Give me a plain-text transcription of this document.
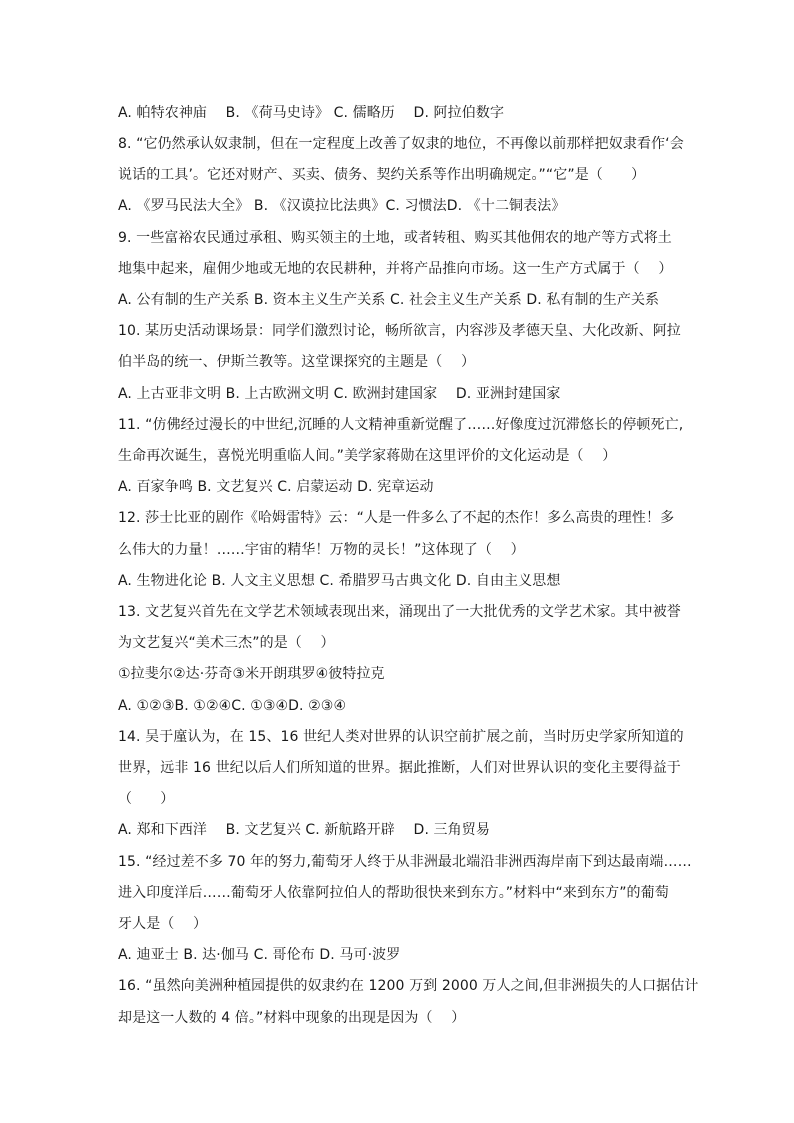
A. 帕特农神庙　 B. 《荷马史诗》 C. 儒略历　 D. 阿拉伯数字
8. “它仍然承认奴隶制，但在一定程度上改善了奴隶的地位，不再像以前那样把奴隶看作‘会
说话的工具’。它还对财产、买卖、债务、契约关系等作出明确规定。”“它”是（　　）
A. 《罗马民法大全》 B. 《汉谟拉比法典》C. 习惯法D. 《十二铜表法》
9. 一些富裕农民通过承租、购买领主的土地，或者转租、购买其他佣农的地产等方式将土
地集中起来，雇佣少地或无地的农民耕种，并将产品推向市场。这一生产方式属于（　 ）
A. 公有制的生产关系 B. 资本主义生产关系 C. 社会主义生产关系 D. 私有制的生产关系
10. 某历史活动课场景：同学们激烈讨论，畅所欲言，内容涉及孝德天皇、大化改新、阿拉
伯半岛的统一、伊斯兰教等。这堂课探究的主题是（　 ）
A. 上古亚非文明 B. 上古欧洲文明 C. 欧洲封建国家　 D. 亚洲封建国家
11. “仿佛经过漫长的中世纪,沉睡的人文精神重新觉醒了……好像度过沉滞悠长的停顿死亡,
生命再次诞生，喜悦光明重临人间。”美学家蒋勋在这里评价的文化运动是（　 ）
A. 百家争鸣 B. 文艺复兴 C. 启蒙运动 D. 宪章运动
12. 莎士比亚的剧作《哈姆雷特》云：“人是一件多么了不起的杰作！多么高贵的理性！多
么伟大的力量！……宇宙的精华！万物的灵长！”这体现了（　 ）
A. 生物进化论 B. 人文主义思想 C. 希腊罗马古典文化 D. 自由主义思想
13. 文艺复兴首先在文学艺术领域表现出来，涌现出了一大批优秀的文学艺术家。其中被誉
为文艺复兴“美术三杰”的是（　 ）
①拉斐尔②达·芬奇③米开朗琪罗④彼特拉克
A. ①②③B. ①②④C. ①③④D. ②③④
14. 吴于廑认为，在 15、16 世纪人类对世界的认识空前扩展之前，当时历史学家所知道的
世界，远非 16 世纪以后人们所知道的世界。据此推断，人们对世界认识的变化主要得益于
（　　）
A. 郑和下西洋　 B. 文艺复兴 C. 新航路开辟　 D. 三角贸易
15. “经过差不多 70 年的努力,葡萄牙人终于从非洲最北端沿非洲西海岸南下到达最南端……
进入印度洋后……葡萄牙人依靠阿拉伯人的帮助很快来到东方。”材料中“来到东方”的葡萄
牙人是（　 ）
A. 迪亚士 B. 达·伽马 C. 哥伦布 D. 马可·波罗
16. “虽然向美洲种植园提供的奴隶约在 1200 万到 2000 万人之间,但非洲损失的人口据估计
却是这一人数的 4 倍。”材料中现象的出现是因为（　 ）
